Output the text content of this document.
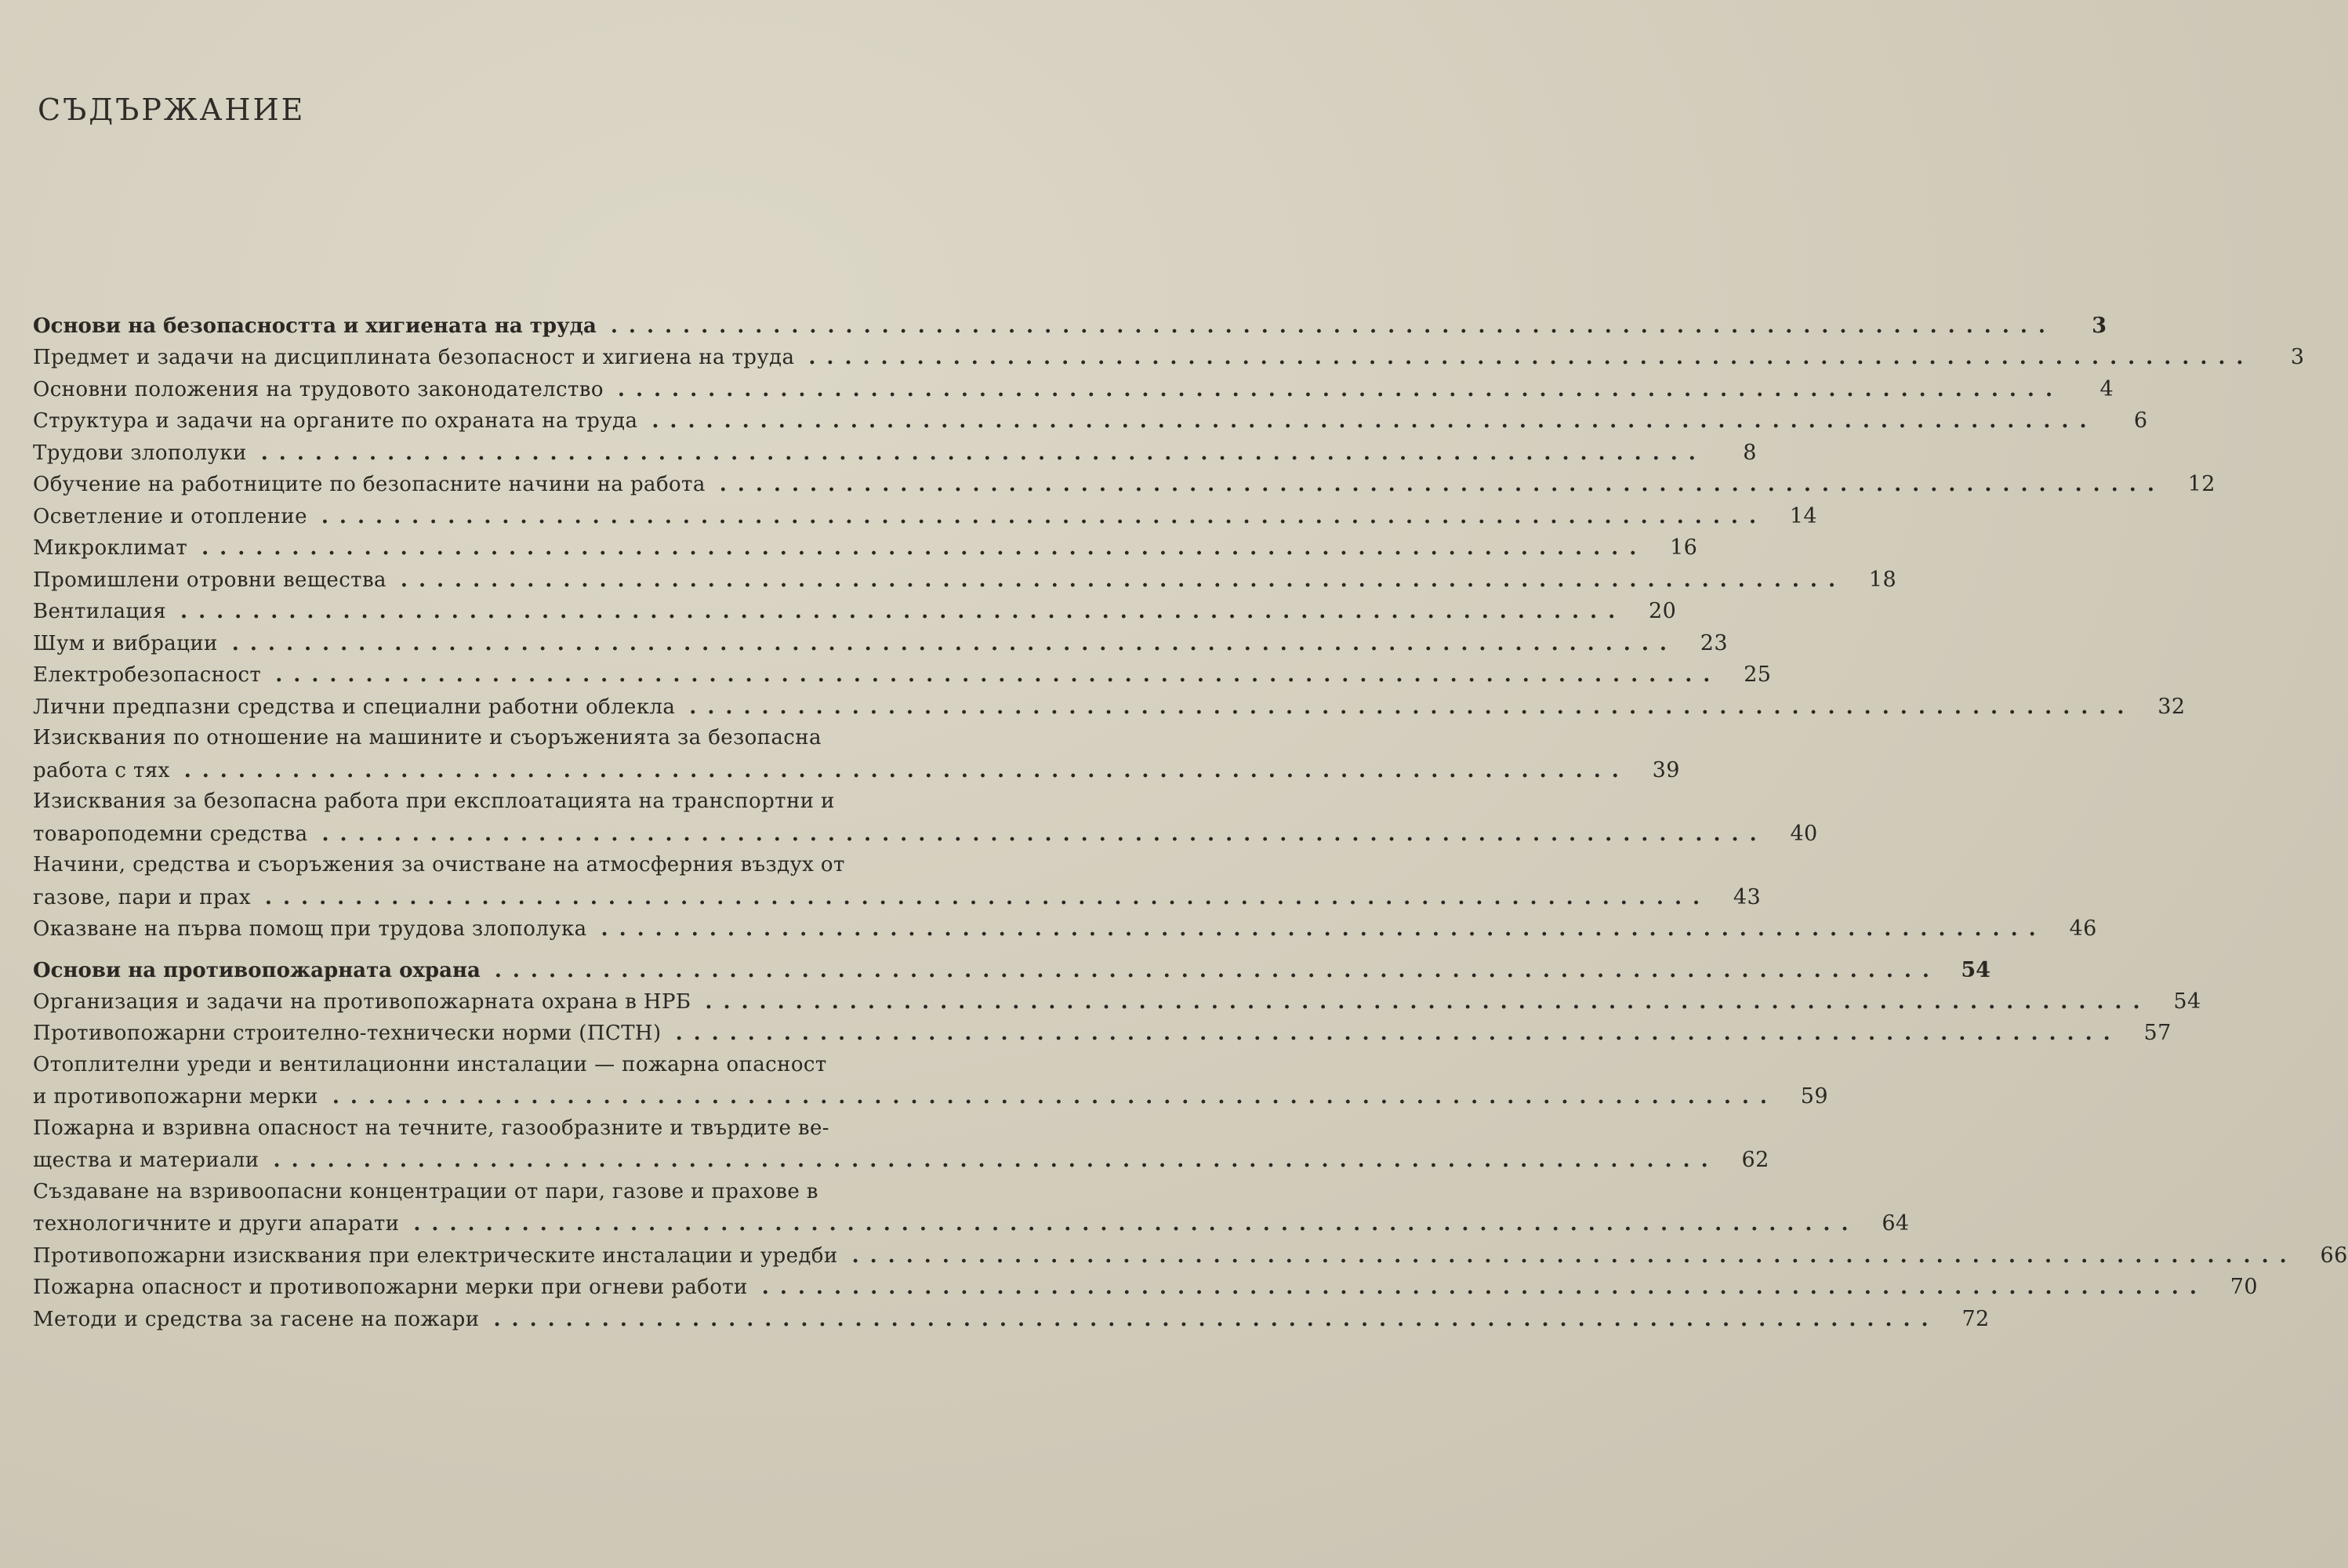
СЪДЪРЖАНИЕ
Основи на безопасността и хигиената на труда ................................................................................	3
Предмет и задачи на дисциплината безопасност и хигиена на труда ................................................................................	3
Основни положения на трудовото законодателство ................................................................................	4
Структура и задачи на органите по охраната на труда ................................................................................	6
Трудови злополуки ................................................................................	8
Обучение на работниците по безопасните начини на работа ................................................................................	12
Осветление и отопление ................................................................................	14
Микроклимат ................................................................................	16
Промишлени отровни вещества ................................................................................	18
Вентилация ................................................................................	20
Шум и вибрации ................................................................................	23
Електробезопасност ................................................................................	25
Лични предпазни средства и специални работни облекла ................................................................................	32
Изисквания по отношение на машините и съоръженията за безопасна
работа с тях ................................................................................	39
Изисквания за безопасна работа при експлоатацията на транспортни и
товароподемни средства ................................................................................	40
Начини, средства и съоръжения за очистване на атмосферния въздух от
газове, пари и прах ................................................................................	43
Оказване на първа помощ при трудова злополука ................................................................................	46
Основи на противопожарната охрана ................................................................................ 54
Организация и задачи на противопожарната охрана в НРБ ................................................................................	54
Противопожарни строително-технически норми (ПСТН) ................................................................................	57
Отоплителни уреди и вентилационни инсталации — пожарна опасност
и противопожарни мерки ................................................................................	59
Пожарна и взривна опасност на течните, газообразните и твърдите ве-
щества и материали ................................................................................	62
Създаване на взривоопасни концентрации от пари, газове и прахове в
технологичните и други апарати ................................................................................	64
Противопожарни изисквания при електрическите инсталации и уредби ................................................................................	66
Пожарна опасност и противопожарни мерки при огневи работи ................................................................................	70
Методи и средства за гасене на пожари ................................................................................	72
